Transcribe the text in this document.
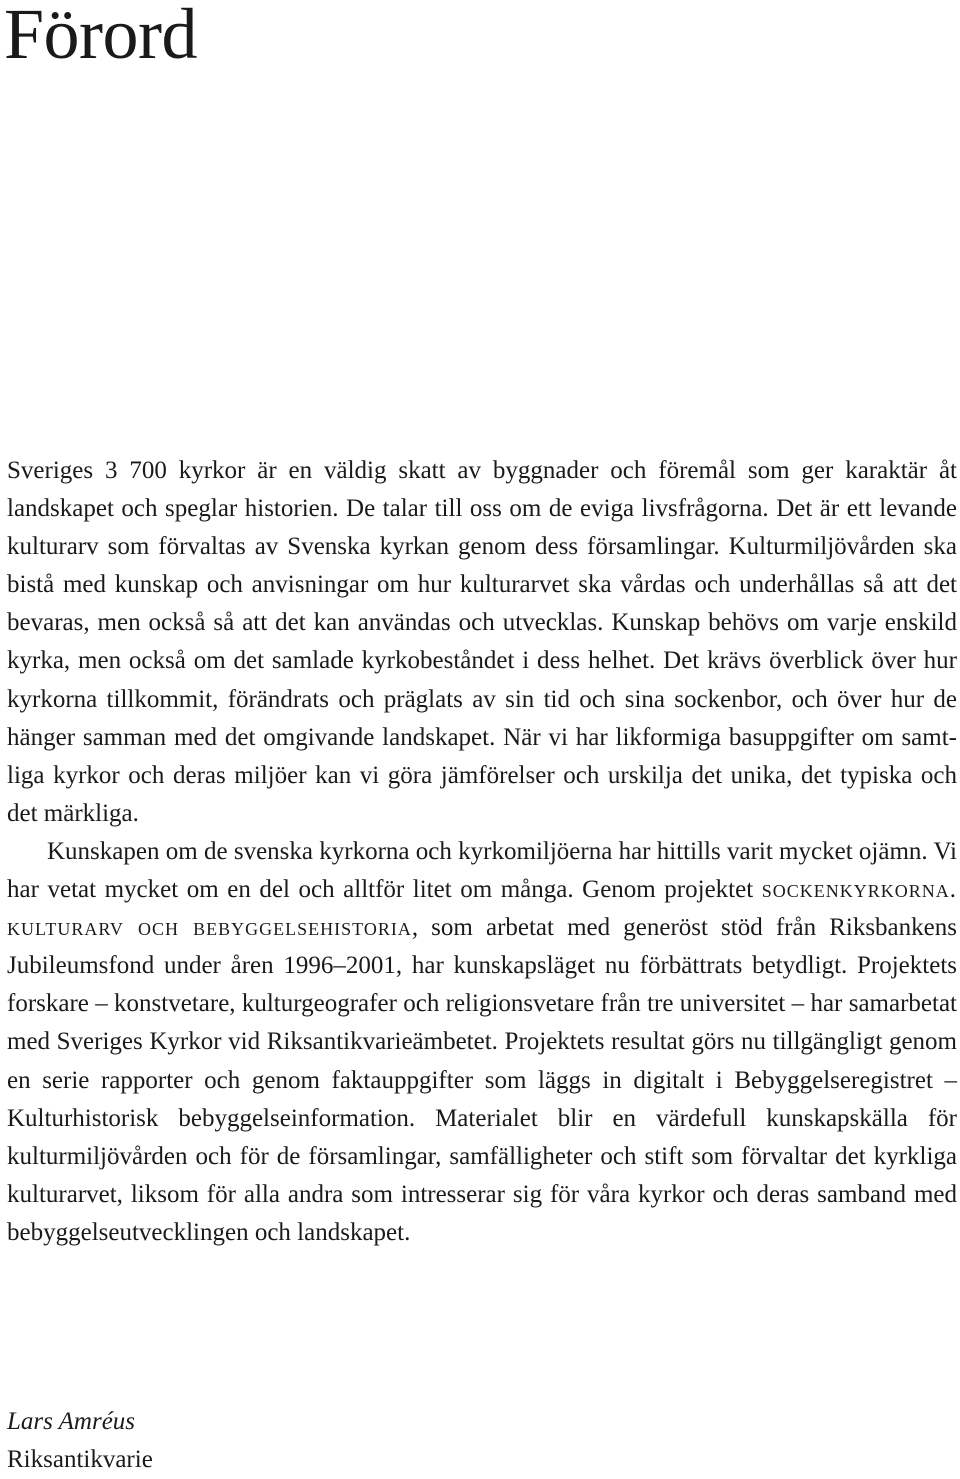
Förord

Sveriges 3 700 kyrkor är en väldig skatt av byggnader och föremål som ger karaktär åt landskapet och speglar historien. De talar till oss om de eviga livsfrågorna. Det är ett levande kulturarv som förvaltas av Svenska kyrkan genom dess församlingar. Kulturmiljövården ska bistå med kunskap och anvisningar om hur kulturarvet ska vårdas och underhållas så att det bevaras, men också så att det kan användas och utvecklas. Kunskap behövs om varje enskild kyrka, men också om det samlade kyrkobeståndet i dess helhet. Det krävs överblick över hur kyrkorna tillkommit, förändrats och präglats av sin tid och sina sockenbor, och över hur de hänger samman med det omgivande landskapet. När vi har likformiga basuppgifter om samtliga kyrkor och deras miljöer kan vi göra jämförelser och urskilja det unika, det typiska och det märkliga.

Kunskapen om de svenska kyrkorna och kyrkomiljöerna har hittills varit mycket ojämn. Vi har vetat mycket om en del och alltför litet om många. Genom projektet sockenkyrkorna. kulturarv och bebyggelsehistoria, som arbetat med generöst stöd från Riksbankens Jubileumsfond under åren 1996–2001, har kunskapsläget nu förbättrats betydligt. Projektets forskare – konstvetare, kulturgeografer och religionsvetare från tre universitet – har samarbetat med Sveriges Kyrkor vid Riksantikvarieämbetet. Projektets resultat görs nu tillgängligt genom en serie rapporter och genom faktauppgifter som läggs in digitalt i Bebyggelseregistret – Kulturhistorisk bebyggelseinformation. Materialet blir en värdefull kunskapskälla för kulturmiljövården och för de församlingar, samfälligheter och stift som förvaltar det kyrkliga kulturarvet, liksom för alla andra som intresserar sig för våra kyrkor och deras samband med bebyggelseutvecklingen och landskapet.

Lars Amréus
Riksantikvarie
